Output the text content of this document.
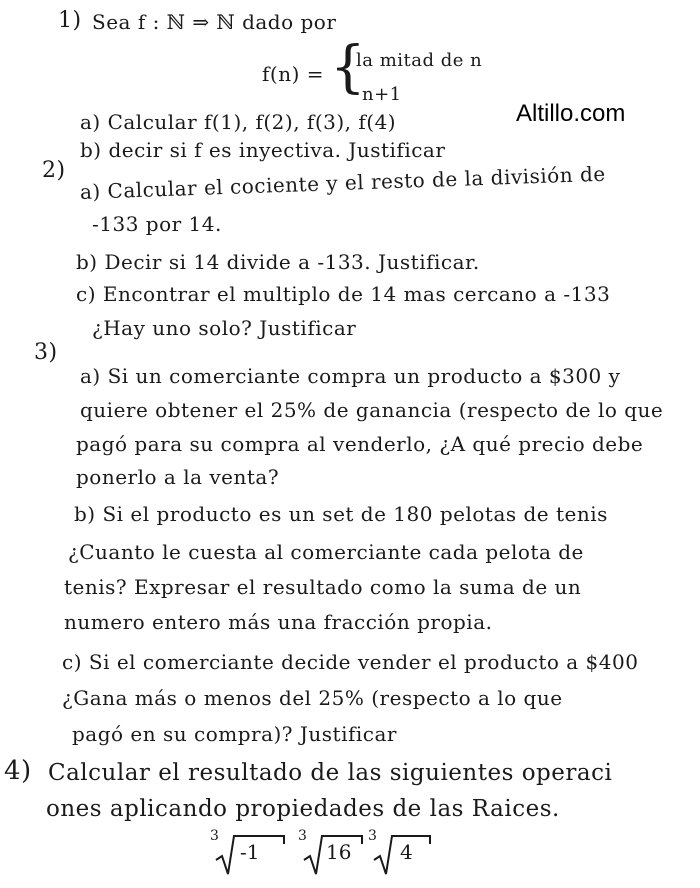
Altillo.com
1) Sea f : ℕ ⇒ ℕ dado por
f(n) = {
la mitad de n
n+1
a) Calcular f(1), f(2), f(3), f(4)
b) decir si f es inyectiva. Justificar
2) a) Calcular el cociente y el resto de la división de
-133 por 14.
b) Decir si 14 divide a -133. Justificar.
c) Encontrar el multiplo de 14 mas cercano a -133
¿Hay uno solo? Justificar
3)
a) Si un comerciante compra un producto a $300 y
quiere obtener el 25% de ganancia (respecto de lo que
pagó para su compra al venderlo, ¿A qué precio debe
ponerlo a la venta?
b) Si el producto es un set de 180 pelotas de tenis
¿Cuanto le cuesta al comerciante cada pelota de
tenis? Expresar el resultado como la suma de un
numero entero más una fracción propia.
c) Si el comerciante decide vender el producto a $400
¿Gana más o menos del 25% (respecto a lo que
pagó en su compra)? Justificar
4) Calcular el resultado de las siguientes operaci
ones aplicando propiedades de las Raices.
3
-1
3
16
3
4
